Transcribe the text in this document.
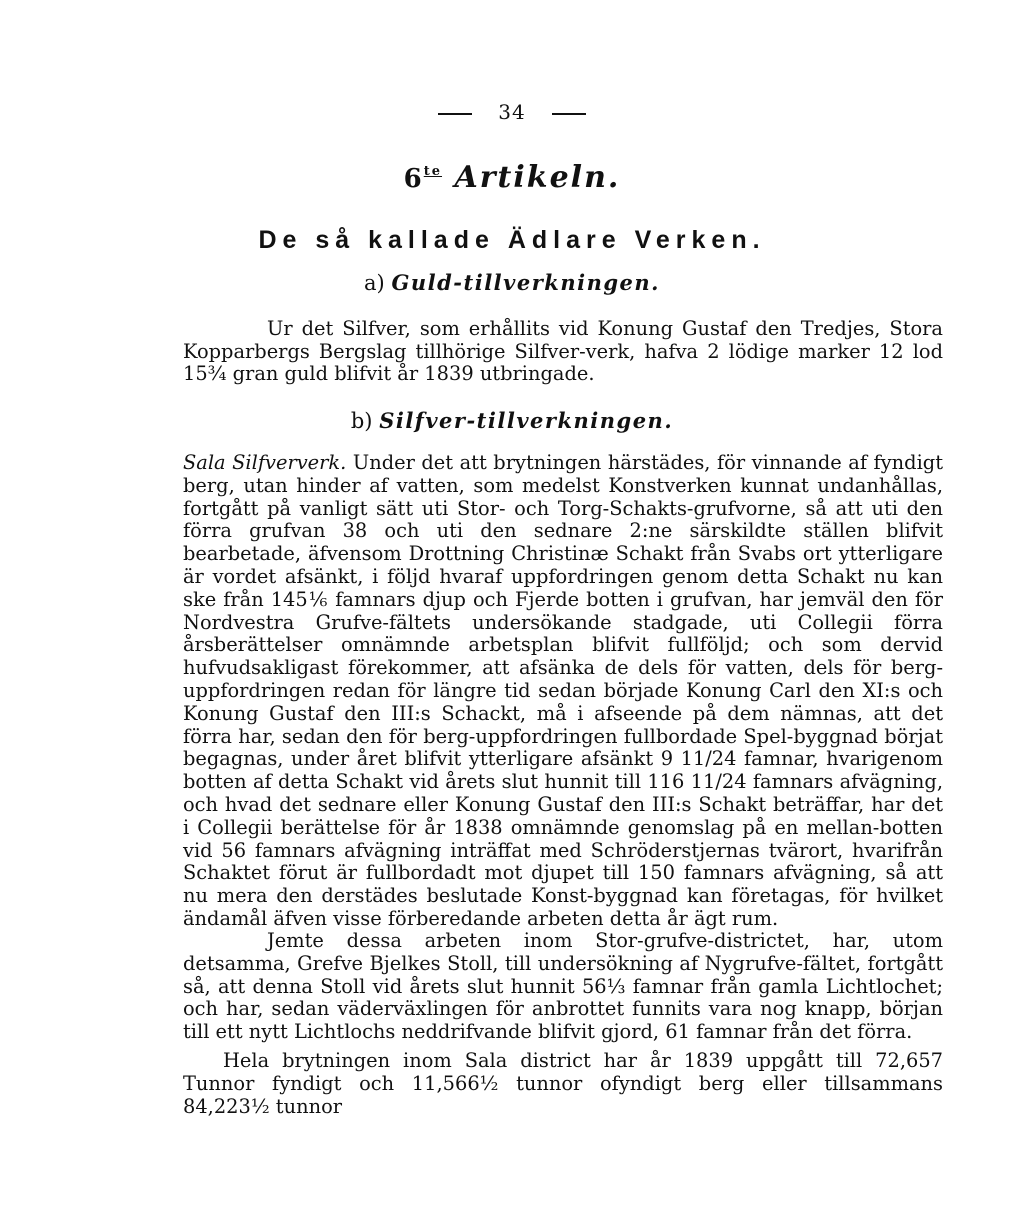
34
$6^{te}$ Artikeln.
De så kallade Ädlare Verken.
a) Guld-tillverkningen.
Ur det Silfver, som erhållits vid Konung Gustaf den Tredjes, Stora Kopparbergs Bergslag tillhörige Silfver-verk, hafva 2 lödige marker 12 lod 15¾ gran guld blifvit år 1839 utbringade.
b) Silfver-tillverkningen.
Sala Silfververk. Under det att brytningen härstädes, för vinnande af fyndigt berg, utan hinder af vatten, som medelst Konstverken kunnat undanhållas, fortgått på vanligt sätt uti Stor- och Torg-Schakts-grufvorne, så att uti den förra grufvan 38 och uti den sednare 2:ne särskildte ställen blifvit bearbetade, äfvensom Drottning Christinæ Schakt från Svabs ort ytterligare är vordet afsänkt, i följd hvaraf uppfordringen genom detta Schakt nu kan ske från 145⅙ famnars djup och Fjerde botten i grufvan, har jemväl den för Nordvestra Grufve-fältets undersökande stadgade, uti Collegii förra årsberättelser omnämnde arbetsplan blifvit fullföljd; och som dervid hufvudsakligast förekommer, att afsänka de dels för vatten, dels för berg-uppfordringen redan för längre tid sedan började Konung Carl den XI:s och Konung Gustaf den III:s Schackt, må i afseende på dem nämnas, att det förra har, sedan den för berg-uppfordringen fullbordade Spel-byggnad börjat begagnas, under året blifvit ytterligare afsänkt 9 11/24 famnar, hvarigenom botten af detta Schakt vid årets slut hunnit till 116 11/24 famnars afvägning, och hvad det sednare eller Konung Gustaf den III:s Schakt beträffar, har det i Collegii berättelse för år 1838 omnämnde genomslag på en mellan-botten vid 56 famnars afvägning inträffat med Schröderstjernas tvärort, hvarifrån Schaktet förut är fullbordadt mot djupet till 150 famnars afvägning, så att nu mera den derstädes beslutade Konst-byggnad kan företagas, för hvilket ändamål äfven visse förberedande arbeten detta år ägt rum.
Jemte dessa arbeten inom Stor-grufve-districtet, har, utom detsamma, Grefve Bjelkes Stoll, till undersökning af Nygrufve-fältet, fortgått så, att denna Stoll vid årets slut hunnit 56⅓ famnar från gamla Lichtlochet; och har, sedan väderväxlingen för anbrottet funnits vara nog knapp, början till ett nytt Lichtlochs neddrifvande blifvit gjord, 61 famnar från det förra.
Hela brytningen inom Sala district har år 1839 uppgått till 72,657 Tunnor fyndigt och 11,566½ tunnor ofyndigt berg eller tillsammans 84,223½ tunnor
